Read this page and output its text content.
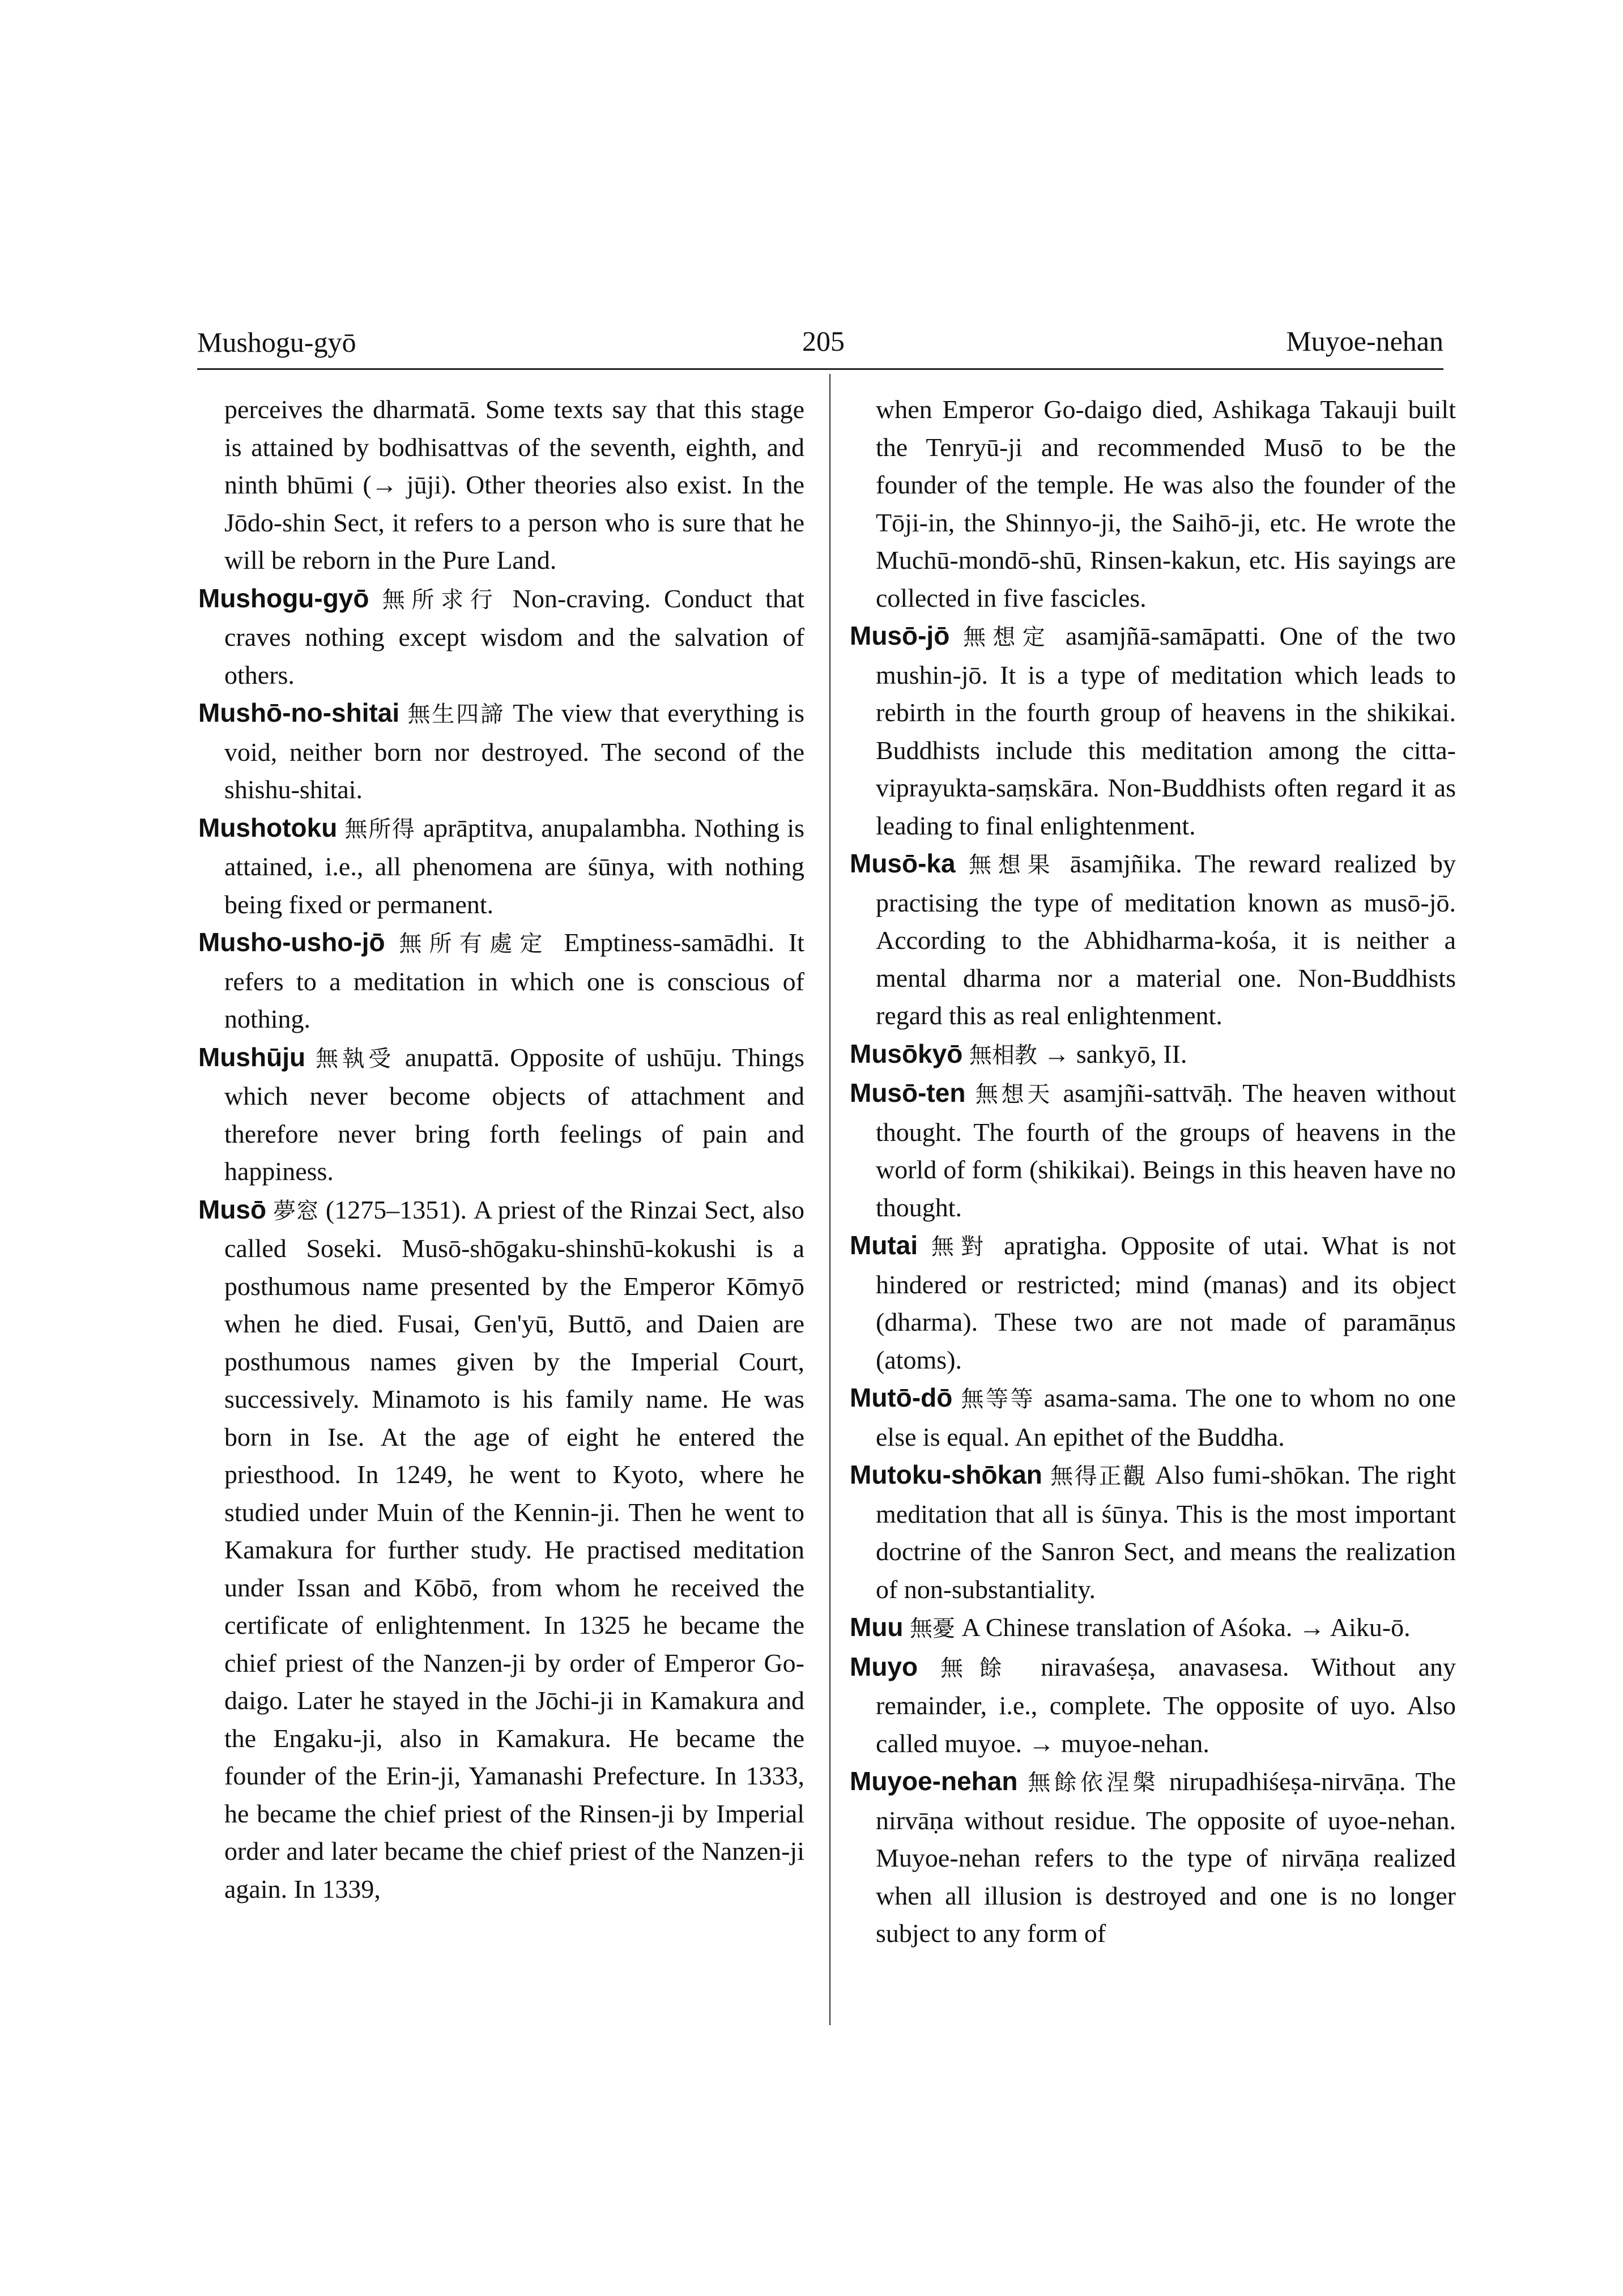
Mushogu-gyō	205	Muyoe-nehan

perceives the dharmatā. Some texts say that this stage is attained by bodhisattvas of the seventh, eighth, and ninth bhūmi (→ jūji). Other theories also exist. In the Jōdo-shin Sect, it refers to a person who is sure that he will be reborn in the Pure Land.

Mushogu-gyō 無所求行 Non-craving. Conduct that craves nothing except wisdom and the salvation of others.

Mushō-no-shitai 無生四諦 The view that everything is void, neither born nor destroyed. The second of the shishu-shitai.

Mushotoku 無所得 aprāptitva, anupalambha. Nothing is attained, i.e., all phenomena are śūnya, with nothing being fixed or permanent.

Musho-usho-jō 無所有處定 Emptiness-samādhi. It refers to a meditation in which one is conscious of nothing.

Mushūju 無執受 anupattā. Opposite of ushūju. Things which never become objects of attachment and therefore never bring forth feelings of pain and happiness.

Musō 夢窓 (1275–1351). A priest of the Rinzai Sect, also called Soseki. Musō-shōgaku-shinshū-kokushi is a posthumous name presented by the Emperor Kōmyō when he died. Fusai, Gen'yū, Buttō, and Daien are posthumous names given by the Imperial Court, successively. Minamoto is his family name. He was born in Ise. At the age of eight he entered the priesthood. In 1249, he went to Kyoto, where he studied under Muin of the Kennin-ji. Then he went to Kamakura for further study. He practised meditation under Issan and Kōbō, from whom he received the certificate of enlightenment. In 1325 he became the chief priest of the Nanzen-ji by order of Emperor Go-daigo. Later he stayed in the Jōchi-ji in Kamakura and the Engaku-ji, also in Kamakura. He became the founder of the Erin-ji, Yamanashi Prefecture. In 1333, he became the chief priest of the Rinsen-ji by Imperial order and later became the chief priest of the Nanzen-ji again. In 1339,

when Emperor Go-daigo died, Ashikaga Takauji built the Tenryū-ji and recommended Musō to be the founder of the temple. He was also the founder of the Tōji-in, the Shinnyo-ji, the Saihō-ji, etc. He wrote the Muchū-mondō-shū, Rinsen-kakun, etc. His sayings are collected in five fascicles.

Musō-jō 無想定 asamjñā-samāpatti. One of the two mushin-jō. It is a type of meditation which leads to rebirth in the fourth group of heavens in the shikikai. Buddhists include this meditation among the citta-viprayukta-saṃskāra. Non-Buddhists often regard it as leading to final enlightenment.

Musō-ka 無想果 āsamjñika. The reward realized by practising the type of meditation known as musō-jō. According to the Abhidharma-kośa, it is neither a mental dharma nor a material one. Non-Buddhists regard this as real enlightenment.

Musōkyō 無相教 → sankyō, II.

Musō-ten 無想天 asamjñi-sattvāḥ. The heaven without thought. The fourth of the groups of heavens in the world of form (shikikai). Beings in this heaven have no thought.

Mutai 無對 apratigha. Opposite of utai. What is not hindered or restricted; mind (manas) and its object (dharma). These two are not made of paramāṇus (atoms).

Mutō-dō 無等等 asama-sama. The one to whom no one else is equal. An epithet of the Buddha.

Mutoku-shōkan 無得正觀 Also fumi-shōkan. The right meditation that all is śūnya. This is the most important doctrine of the Sanron Sect, and means the realization of non-substantiality.

Muu 無憂 A Chinese translation of Aśoka. → Aiku-ō.

Muyo 無餘 niravaśeṣa, anavasesa. Without any remainder, i.e., complete. The opposite of uyo. Also called muyoe. → muyoe-nehan.

Muyoe-nehan 無餘依涅槃 nirupadhiśeṣa-nirvāṇa. The nirvāṇa without residue. The opposite of uyoe-nehan. Muyoe-nehan refers to the type of nirvāṇa realized when all illusion is destroyed and one is no longer subject to any form of
